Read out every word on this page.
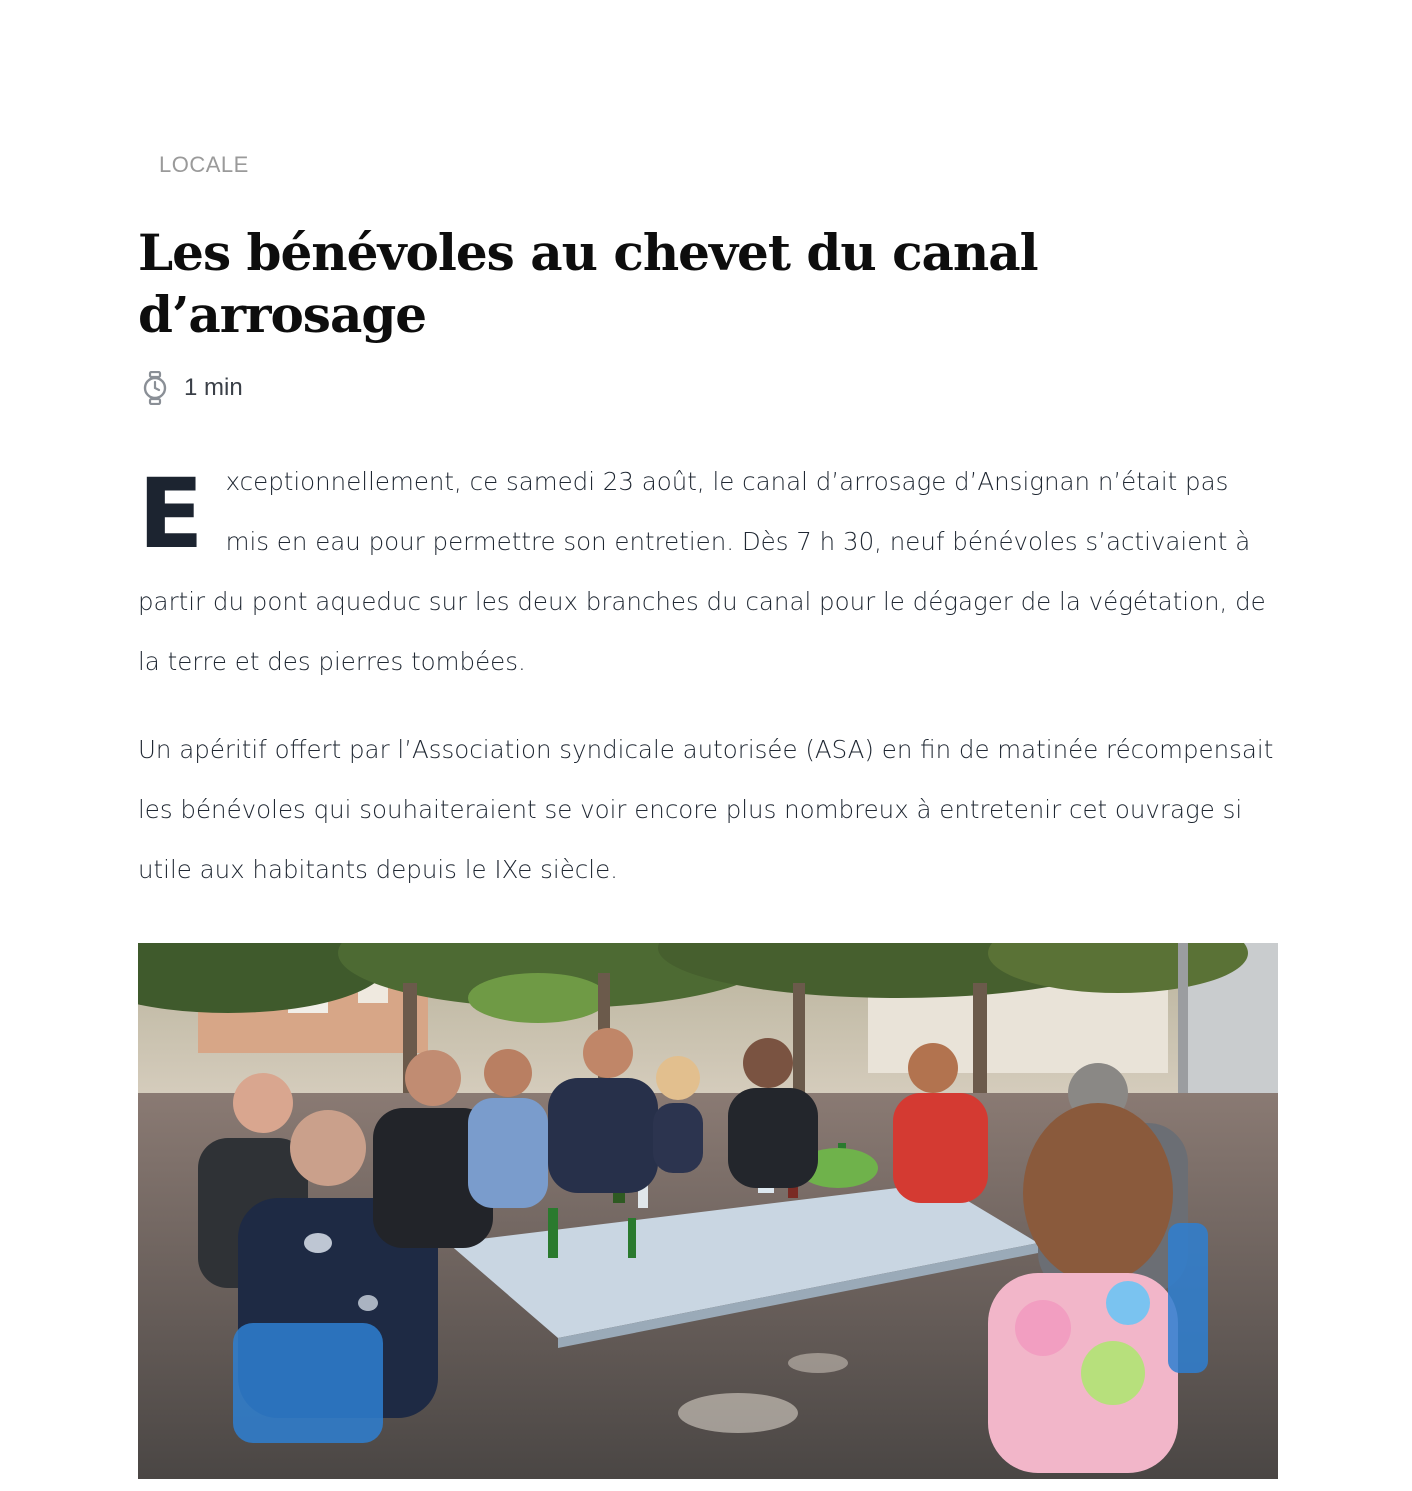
LOCALE
Les bénévoles au chevet du canal d’arrosage
1 min

E xceptionnellement, ce samedi 23 août, le canal d’arrosage d’Ansignan n’était pas mis en eau pour permettre son entretien. Dès 7 h 30, neuf bénévoles s’activaient à partir du pont aqueduc sur les deux branches du canal pour le dégager de la végétation, de la terre et des pierres tombées.

Un apéritif offert par l’Association syndicale autorisée (ASA) en fin de matinée récompensait les bénévoles qui souhaiteraient se voir encore plus nombreux à entretenir cet ouvrage si utile aux habitants depuis le IXe siècle.
